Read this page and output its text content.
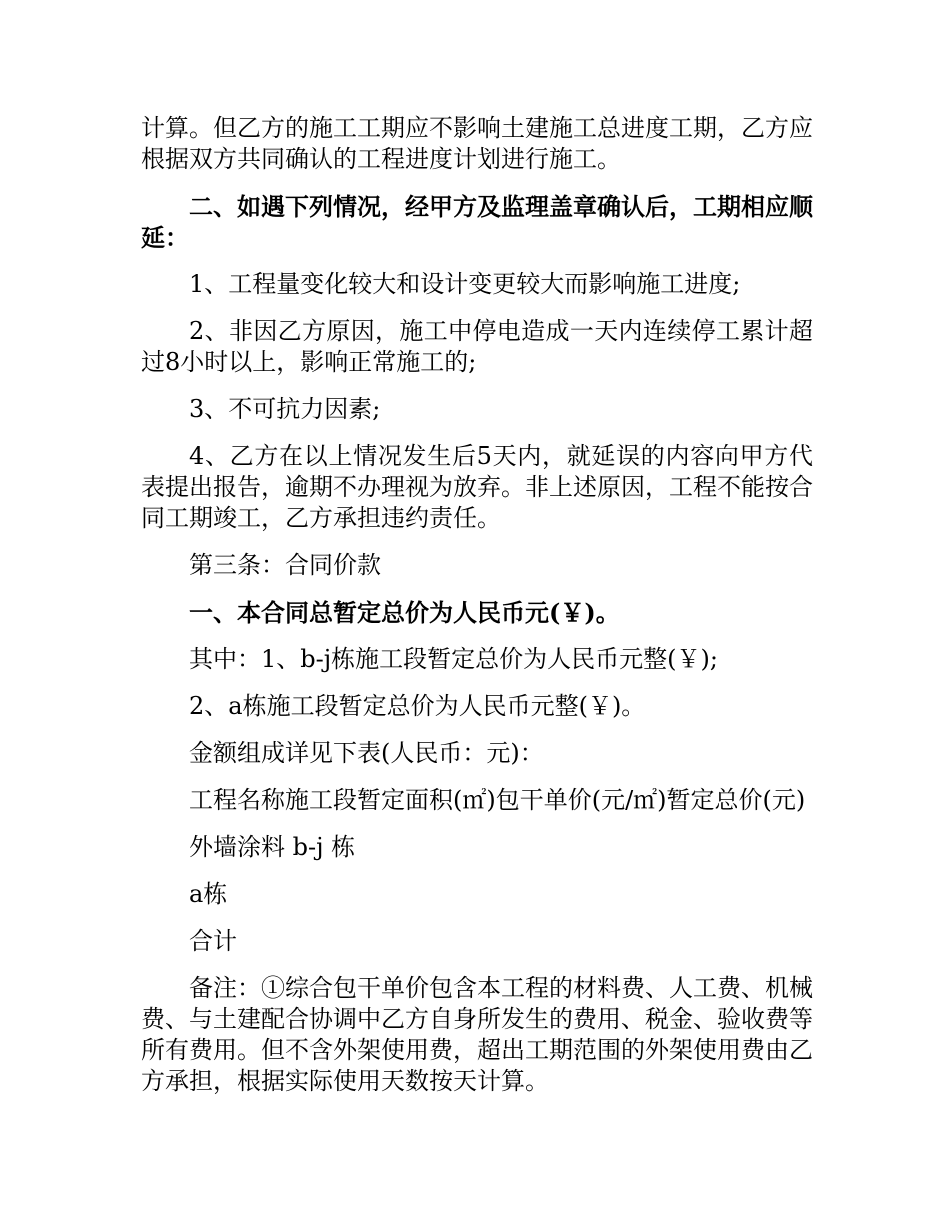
计算。但乙方的施工工期应不影响土建施工总进度工期，乙方应根据双方共同确认的工程进度计划进行施工。

二、如遇下列情况，经甲方及监理盖章确认后，工期相应顺延：

1、工程量变化较大和设计变更较大而影响施工进度;

2、非因乙方原因，施工中停电造成一天内连续停工累计超过8小时以上，影响正常施工的;

3、不可抗力因素;

4、乙方在以上情况发生后5天内，就延误的内容向甲方代表提出报告，逾期不办理视为放弃。非上述原因，工程不能按合同工期竣工，乙方承担违约责任。

第三条：合同价款

一、本合同总暂定总价为人民币元(￥)。

其中：1、b-j栋施工段暂定总价为人民币元整(￥);

2、a栋施工段暂定总价为人民币元整(￥)。

金额组成详见下表(人民币：元)：

工程名称施工段暂定面积(㎡)包干单价(元/㎡)暂定总价(元)

外墙涂料 b-j 栋

a栋

合计

备注：①综合包干单价包含本工程的材料费、人工费、机械费、与土建配合协调中乙方自身所发生的费用、税金、验收费等所有费用。但不含外架使用费，超出工期范围的外架使用费由乙方承担，根据实际使用天数按天计算。
